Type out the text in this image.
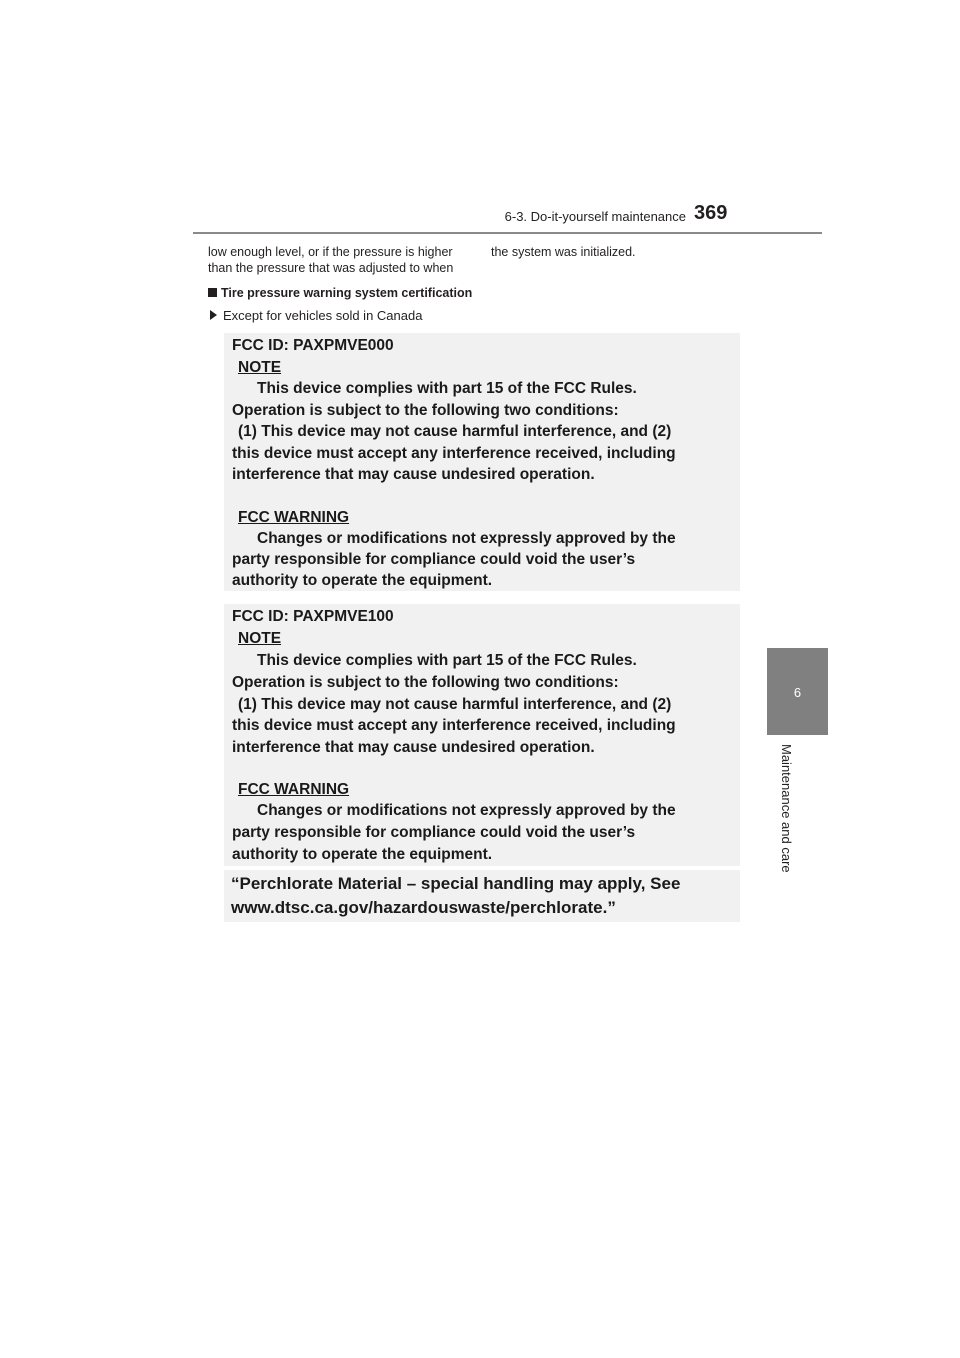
6-3. Do-it-yourself maintenance 369
6
Maintenance and care
low enough level, or if the pressure is higher
than the pressure that was adjusted to when
the system was initialized.
Tire pressure warning system certification
Except for vehicles sold in Canada
FCC ID: PAXPMVE000
NOTE
This device complies with part 15 of the FCC Rules.
Operation is subject to the following two conditions:
(1) This device may not cause harmful interference, and (2)
this device must accept any interference received, including
interference that may cause undesired operation.
FCC WARNING
Changes or modifications not expressly approved by the
party responsible for compliance could void the user’s
authority to operate the equipment.
FCC ID: PAXPMVE100
NOTE
This device complies with part 15 of the FCC Rules.
Operation is subject to the following two conditions:
(1) This device may not cause harmful interference, and (2)
this device must accept any interference received, including
interference that may cause undesired operation.
FCC WARNING
Changes or modifications not expressly approved by the
party responsible for compliance could void the user’s
authority to operate the equipment.
“Perchlorate Material – special handling may apply, See
www.dtsc.ca.gov/hazardouswaste/perchlorate.”
